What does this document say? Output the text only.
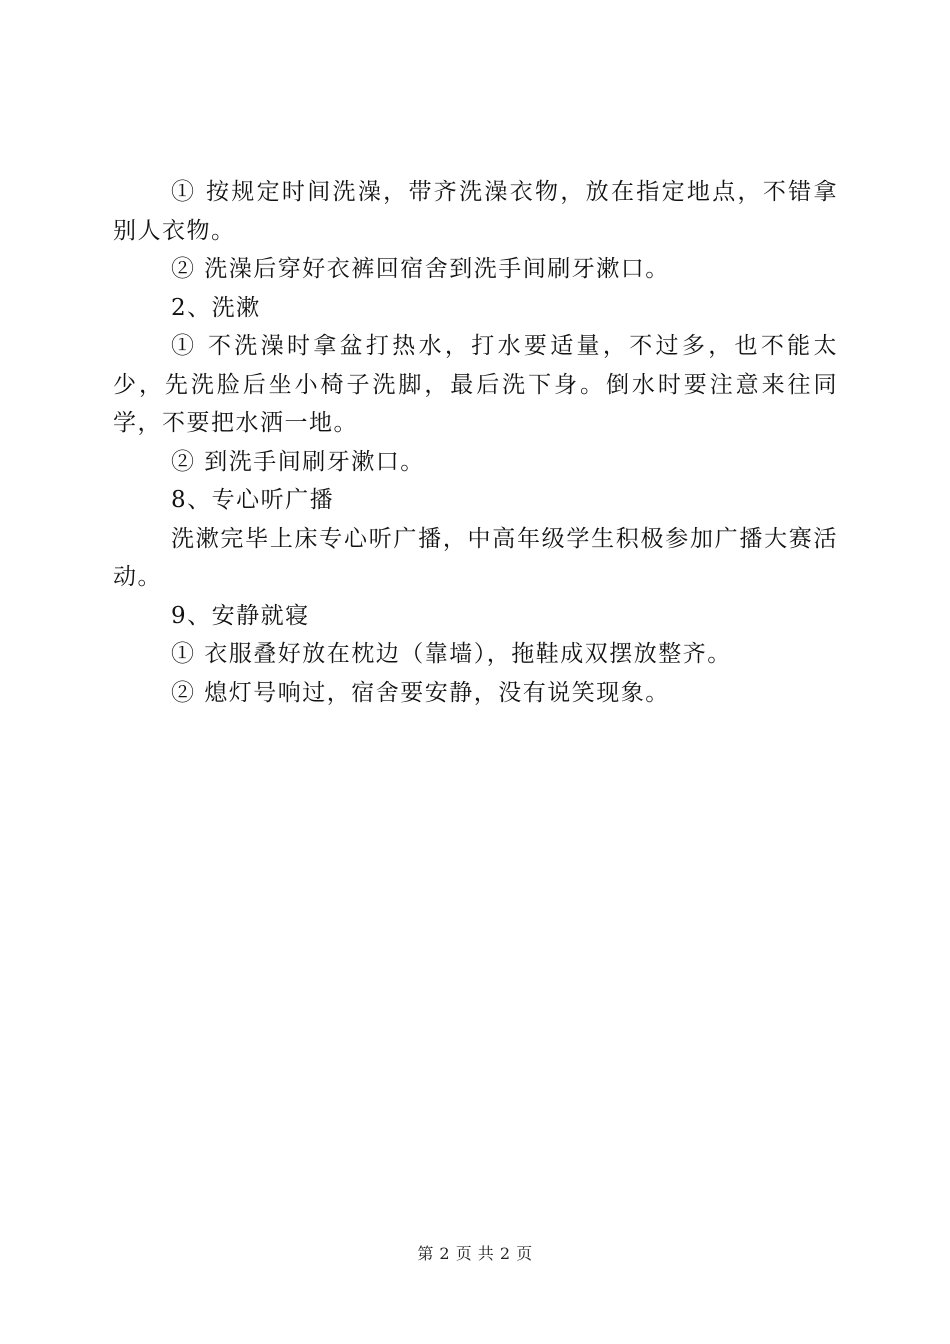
① 按规定时间洗澡，带齐洗澡衣物，放在指定地点，不错拿别人衣物。

② 洗澡后穿好衣裤回宿舍到洗手间刷牙漱口。

2、洗漱

① 不洗澡时拿盆打热水，打水要适量，不过多，也不能太少，先洗脸后坐小椅子洗脚，最后洗下身。倒水时要注意来往同学，不要把水洒一地。

② 到洗手间刷牙漱口。

8、专心听广播

洗漱完毕上床专心听广播，中高年级学生积极参加广播大赛活动。

9、安静就寝

① 衣服叠好放在枕边（靠墙），拖鞋成双摆放整齐。

② 熄灯号响过，宿舍要安静，没有说笑现象。

第 2 页 共 2 页
